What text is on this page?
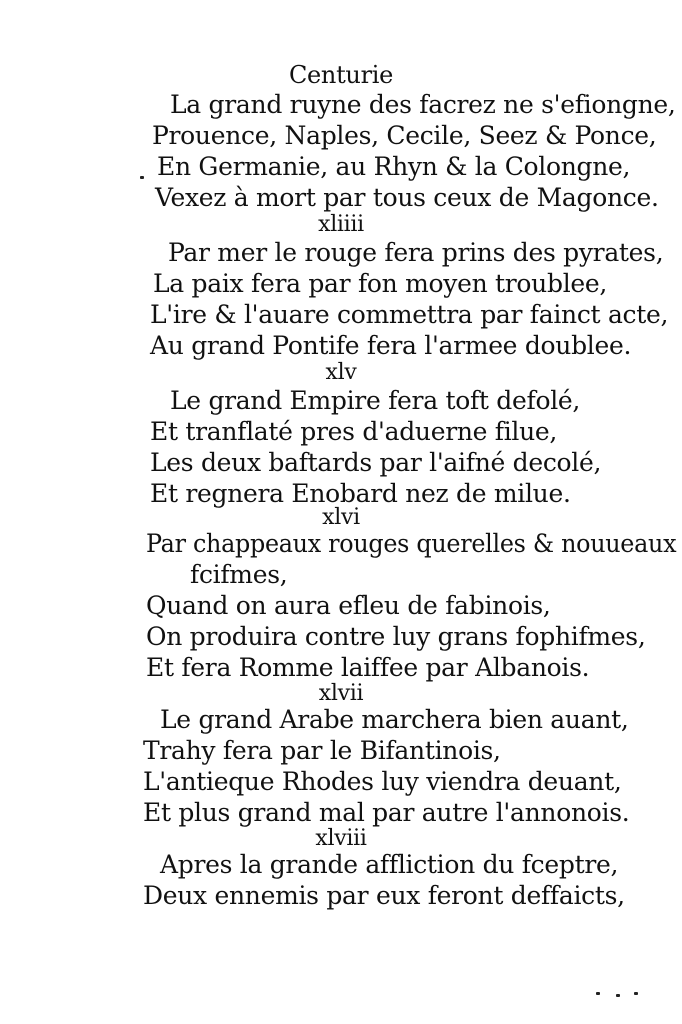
Centurie
La grand ruyne des facrez ne s'efiongne,
Prouence, Naples, Cecile, Seez & Ponce,
En Germanie, au Rhyn & la Colongne,
Vexez à mort par tous ceux de Magonce.
xliiii
Par mer le rouge fera prins des pyrates,
La paix fera par fon moyen troublee,
L'ire & l'auare commettra par fainct acte,
Au grand Pontife fera l'armee doublee.
xlv
Le grand Empire fera toft defolé,
Et tranflaté pres d'aduerne filue,
Les deux baftards par l'aifné decolé,
Et regnera Enobard nez de milue.
xlvi
Par chappeaux rouges querelles & nouueaux
fcifmes,
Quand on aura efleu de fabinois,
On produira contre luy grans fophifmes,
Et fera Romme laiffee par Albanois.
xlvii
Le grand Arabe marchera bien auant,
Trahy fera par le Bifantinois,
L'antieque Rhodes luy viendra deuant,
Et plus grand mal par autre l'annonois.
xlviii
Apres la grande affliction du fceptre,
Deux ennemis par eux feront deffaicts,
